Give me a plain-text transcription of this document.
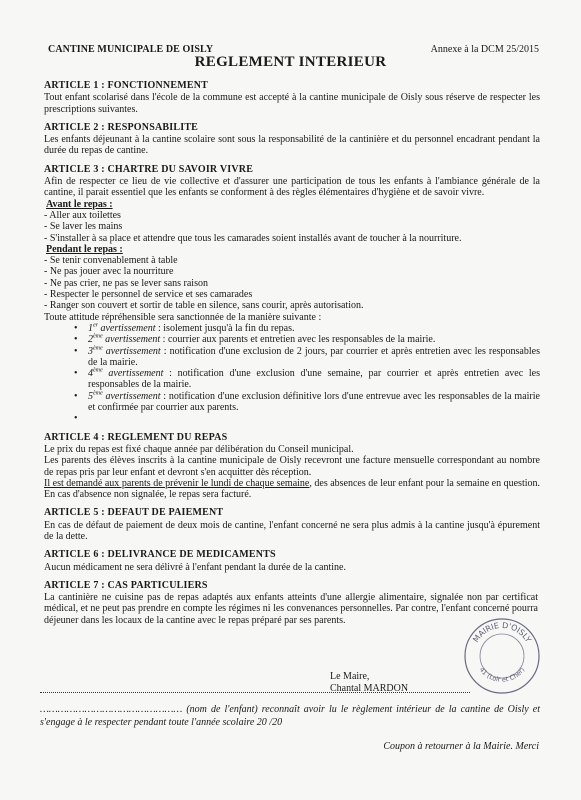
CANTINE MUNICIPALE DE OISLY	Annexe à la DCM 25/2015
REGLEMENT INTERIEUR
ARTICLE 1 : FONCTIONNEMENT

Tout enfant scolarisé dans l'école de la commune est accepté à la cantine municipale de Oisly sous réserve de respecter les prescriptions suivantes.

ARTICLE 2 : RESPONSABILITE

Les enfants déjeunant à la cantine scolaire sont sous la responsabilité de la cantinière et du personnel encadrant pendant la durée du repas de cantine.

ARTICLE 3 : CHARTRE DU SAVOIR VIVRE

Afin de respecter ce lieu de vie collective et d'assurer une participation de tous les enfants à l'ambiance générale de la cantine, il parait essentiel que les enfants se conforment à des règles élémentaires d'hygiène et de savoir vivre.

Avant le repas :

- Aller aux toilettes

- Se laver les mains

- S'installer à sa place et attendre que tous les camarades soient installés avant de toucher à la nourriture.

Pendant le repas :

- Se tenir convenablement à table

- Ne pas jouer avec la nourriture

- Ne pas crier, ne pas se lever sans raison

- Respecter le personnel de service et ses camarades

- Ranger son couvert et sortir de table en silence, sans courir, après autorisation.

Toute attitude répréhensible sera sanctionnée de la manière suivante :

• 1er avertissement : isolement jusqu'à la fin du repas.
• 2ème avertissement : courrier aux parents et entretien avec les responsables de la mairie.
• 3ème avertissement : notification d'une exclusion de 2 jours, par courrier et après entretien avec les responsables de la mairie.
• 4ème avertissement : notification d'une exclusion d'une semaine, par courrier et après entretien avec les responsables de la mairie.
• 5ème avertissement : notification d'une exclusion définitive lors d'une entrevue avec les responsables de la mairie et confirmée par courrier aux parents.
•
ARTICLE 4 : REGLEMENT DU REPAS

Le prix du repas est fixé chaque année par délibération du Conseil municipal.

Les parents des élèves inscrits à la cantine municipale de Oisly recevront une facture mensuelle correspondant au nombre de repas pris par leur enfant et devront s'en acquitter dès réception.

Il est demandé aux parents de prévenir le lundi de chaque semaine, des absences de leur enfant pour la semaine en question. En cas d'absence non signalée, le repas sera facturé.

ARTICLE 5 : DEFAUT DE PAIEMENT

En cas de défaut de paiement de deux mois de cantine, l'enfant concerné ne sera plus admis à la cantine jusqu'à épurement de la dette.

ARTICLE 6 : DELIVRANCE DE MEDICAMENTS

Aucun médicament ne sera délivré à l'enfant pendant la durée de la cantine.

ARTICLE 7 : CAS PARTICULIERS

La cantinière ne cuisine pas de repas adaptés aux enfants atteints d'une allergie alimentaire, signalée non par certificat médical, et ne peut pas prendre en compte les régimes ni les convenances personnelles. Par contre, l'enfant concerné pourra déjeuner dans les locaux de la cantine avec le repas préparé par ses parents.

MAIRIE D'OISLY
41 (Loir et Cher)
Le Maire,
Chantal MARDON
………………………………………… (nom de l'enfant) reconnaît avoir lu le règlement intérieur de la cantine de Oisly et s'engage à le respecter pendant toute l'année scolaire 20 /20
Coupon à retourner à la Mairie. Merci
